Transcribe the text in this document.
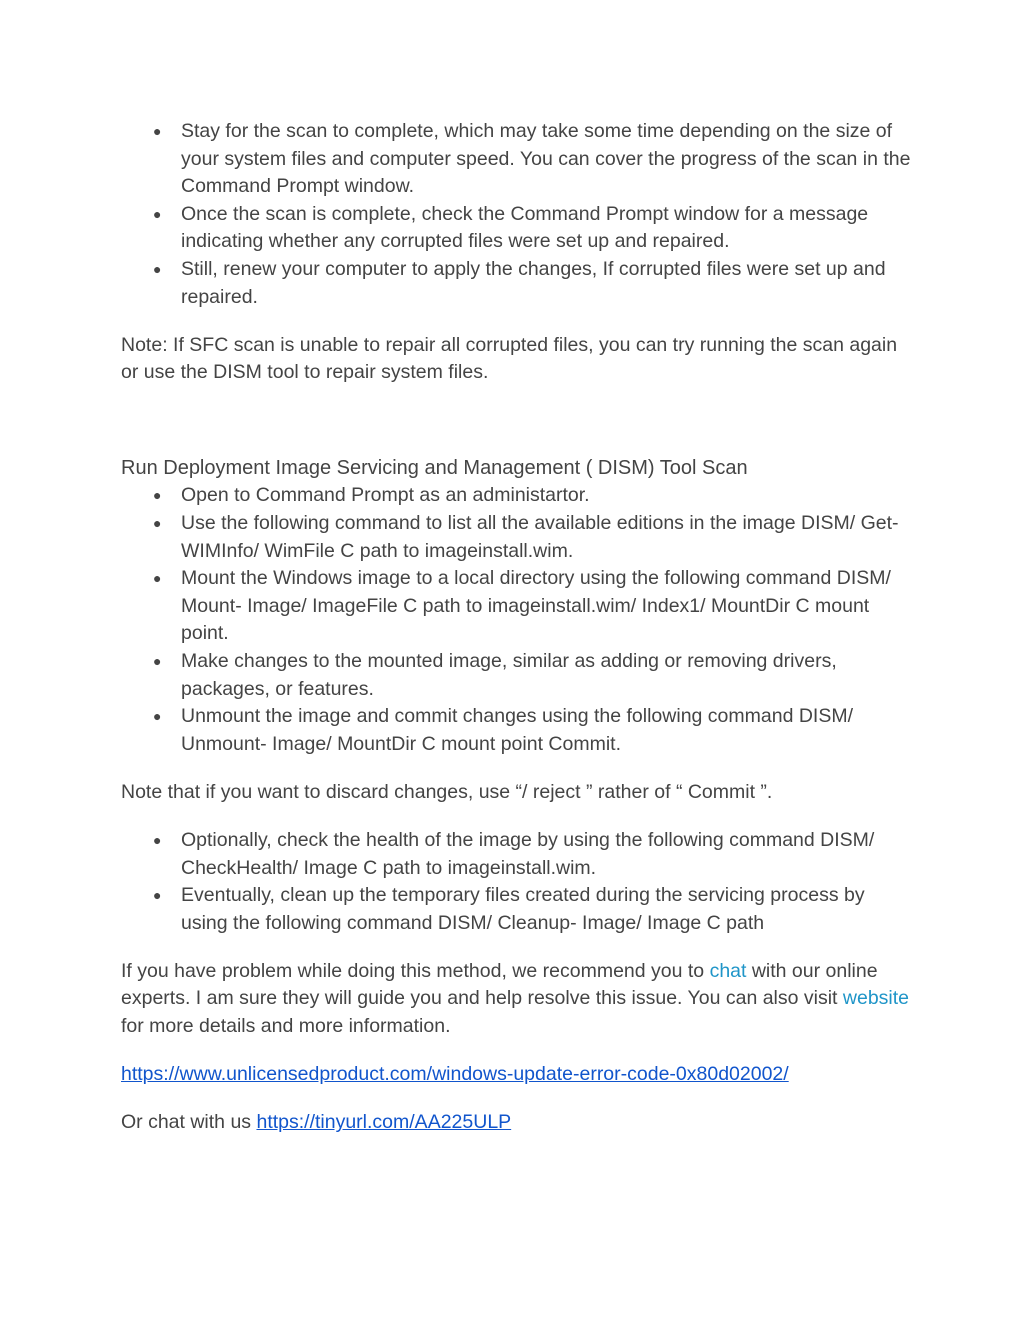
● Stay for the scan to complete, which may take some time depending on the size of your system files and computer speed. You can cover the progress of the scan in the Command Prompt window.
● Once the scan is complete, check the Command Prompt window for a message indicating whether any corrupted files were set up and repaired.
● Still, renew your computer to apply the changes, If corrupted files were set up and repaired.

Note: If SFC scan is unable to repair all corrupted files, you can try running the scan again or use the DISM tool to repair system files.

Run Deployment Image Servicing and Management ( DISM) Tool Scan

● Open to Command Prompt as an administartor.
● Use the following command to list all the available editions in the image DISM/ Get- WIMInfo/ WimFile C path to imageinstall.wim.
● Mount the Windows image to a local directory using the following command DISM/ Mount- Image/ ImageFile C path to imageinstall.wim/ Index1/ MountDir C mount point.
● Make changes to the mounted image, similar as adding or removing drivers, packages, or features.
● Unmount the image and commit changes using the following command DISM/ Unmount- Image/ MountDir C mount point Commit.

Note that if you want to discard changes, use “/ reject ” rather of “ Commit ”.

● Optionally, check the health of the image by using the following command DISM/ CheckHealth/ Image C path to imageinstall.wim.
● Eventually, clean up the temporary files created during the servicing process by using the following command DISM/ Cleanup- Image/ Image C path

If you have problem while doing this method, we recommend you to chat with our online experts. I am sure they will guide you and help resolve this issue. You can also visit website for more details and more information.

https://www.unlicensedproduct.com/windows-update-error-code-0x80d02002/

Or chat with us https://tinyurl.com/AA225ULP
